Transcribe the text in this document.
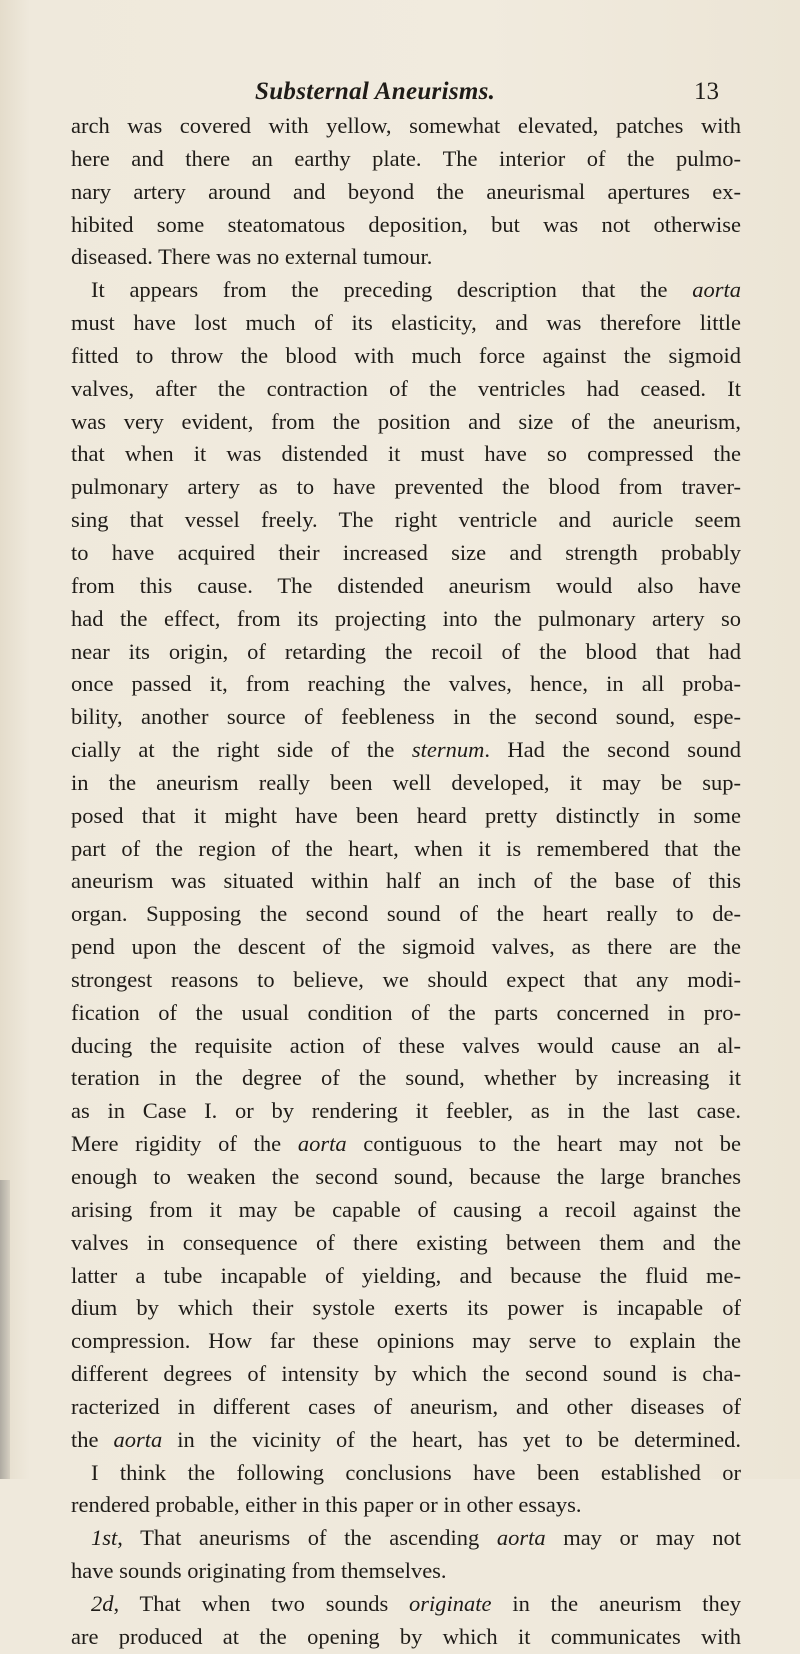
Substernal Aneurisms.	13
arch was covered with yellow, somewhat elevated, patches with
here and there an earthy plate. The interior of the pulmo-
nary artery around and beyond the aneurismal apertures ex-
hibited some steatomatous deposition, but was not otherwise
diseased. There was no external tumour.
It appears from the preceding description that the aorta
must have lost much of its elasticity, and was therefore little
fitted to throw the blood with much force against the sigmoid
valves, after the contraction of the ventricles had ceased. It
was very evident, from the position and size of the aneurism,
that when it was distended it must have so compressed the
pulmonary artery as to have prevented the blood from traver-
sing that vessel freely. The right ventricle and auricle seem
to have acquired their increased size and strength probably
from this cause. The distended aneurism would also have
had the effect, from its projecting into the pulmonary artery so
near its origin, of retarding the recoil of the blood that had
once passed it, from reaching the valves, hence, in all proba-
bility, another source of feebleness in the second sound, espe-
cially at the right side of the sternum. Had the second sound
in the aneurism really been well developed, it may be sup-
posed that it might have been heard pretty distinctly in some
part of the region of the heart, when it is remembered that the
aneurism was situated within half an inch of the base of this
organ. Supposing the second sound of the heart really to de-
pend upon the descent of the sigmoid valves, as there are the
strongest reasons to believe, we should expect that any modi-
fication of the usual condition of the parts concerned in pro-
ducing the requisite action of these valves would cause an al-
teration in the degree of the sound, whether by increasing it
as in Case I. or by rendering it feebler, as in the last case.
Mere rigidity of the aorta contiguous to the heart may not be
enough to weaken the second sound, because the large branches
arising from it may be capable of causing a recoil against the
valves in consequence of there existing between them and the
latter a tube incapable of yielding, and because the fluid me-
dium by which their systole exerts its power is incapable of
compression. How far these opinions may serve to explain the
different degrees of intensity by which the second sound is cha-
racterized in different cases of aneurism, and other diseases of
the aorta in the vicinity of the heart, has yet to be determined.
I think the following conclusions have been established or
rendered probable, either in this paper or in other essays.
1st, That aneurisms of the ascending aorta may or may not
have sounds originating from themselves.
2d, That when two sounds originate in the aneurism they
are produced at the opening by which it communicates with
